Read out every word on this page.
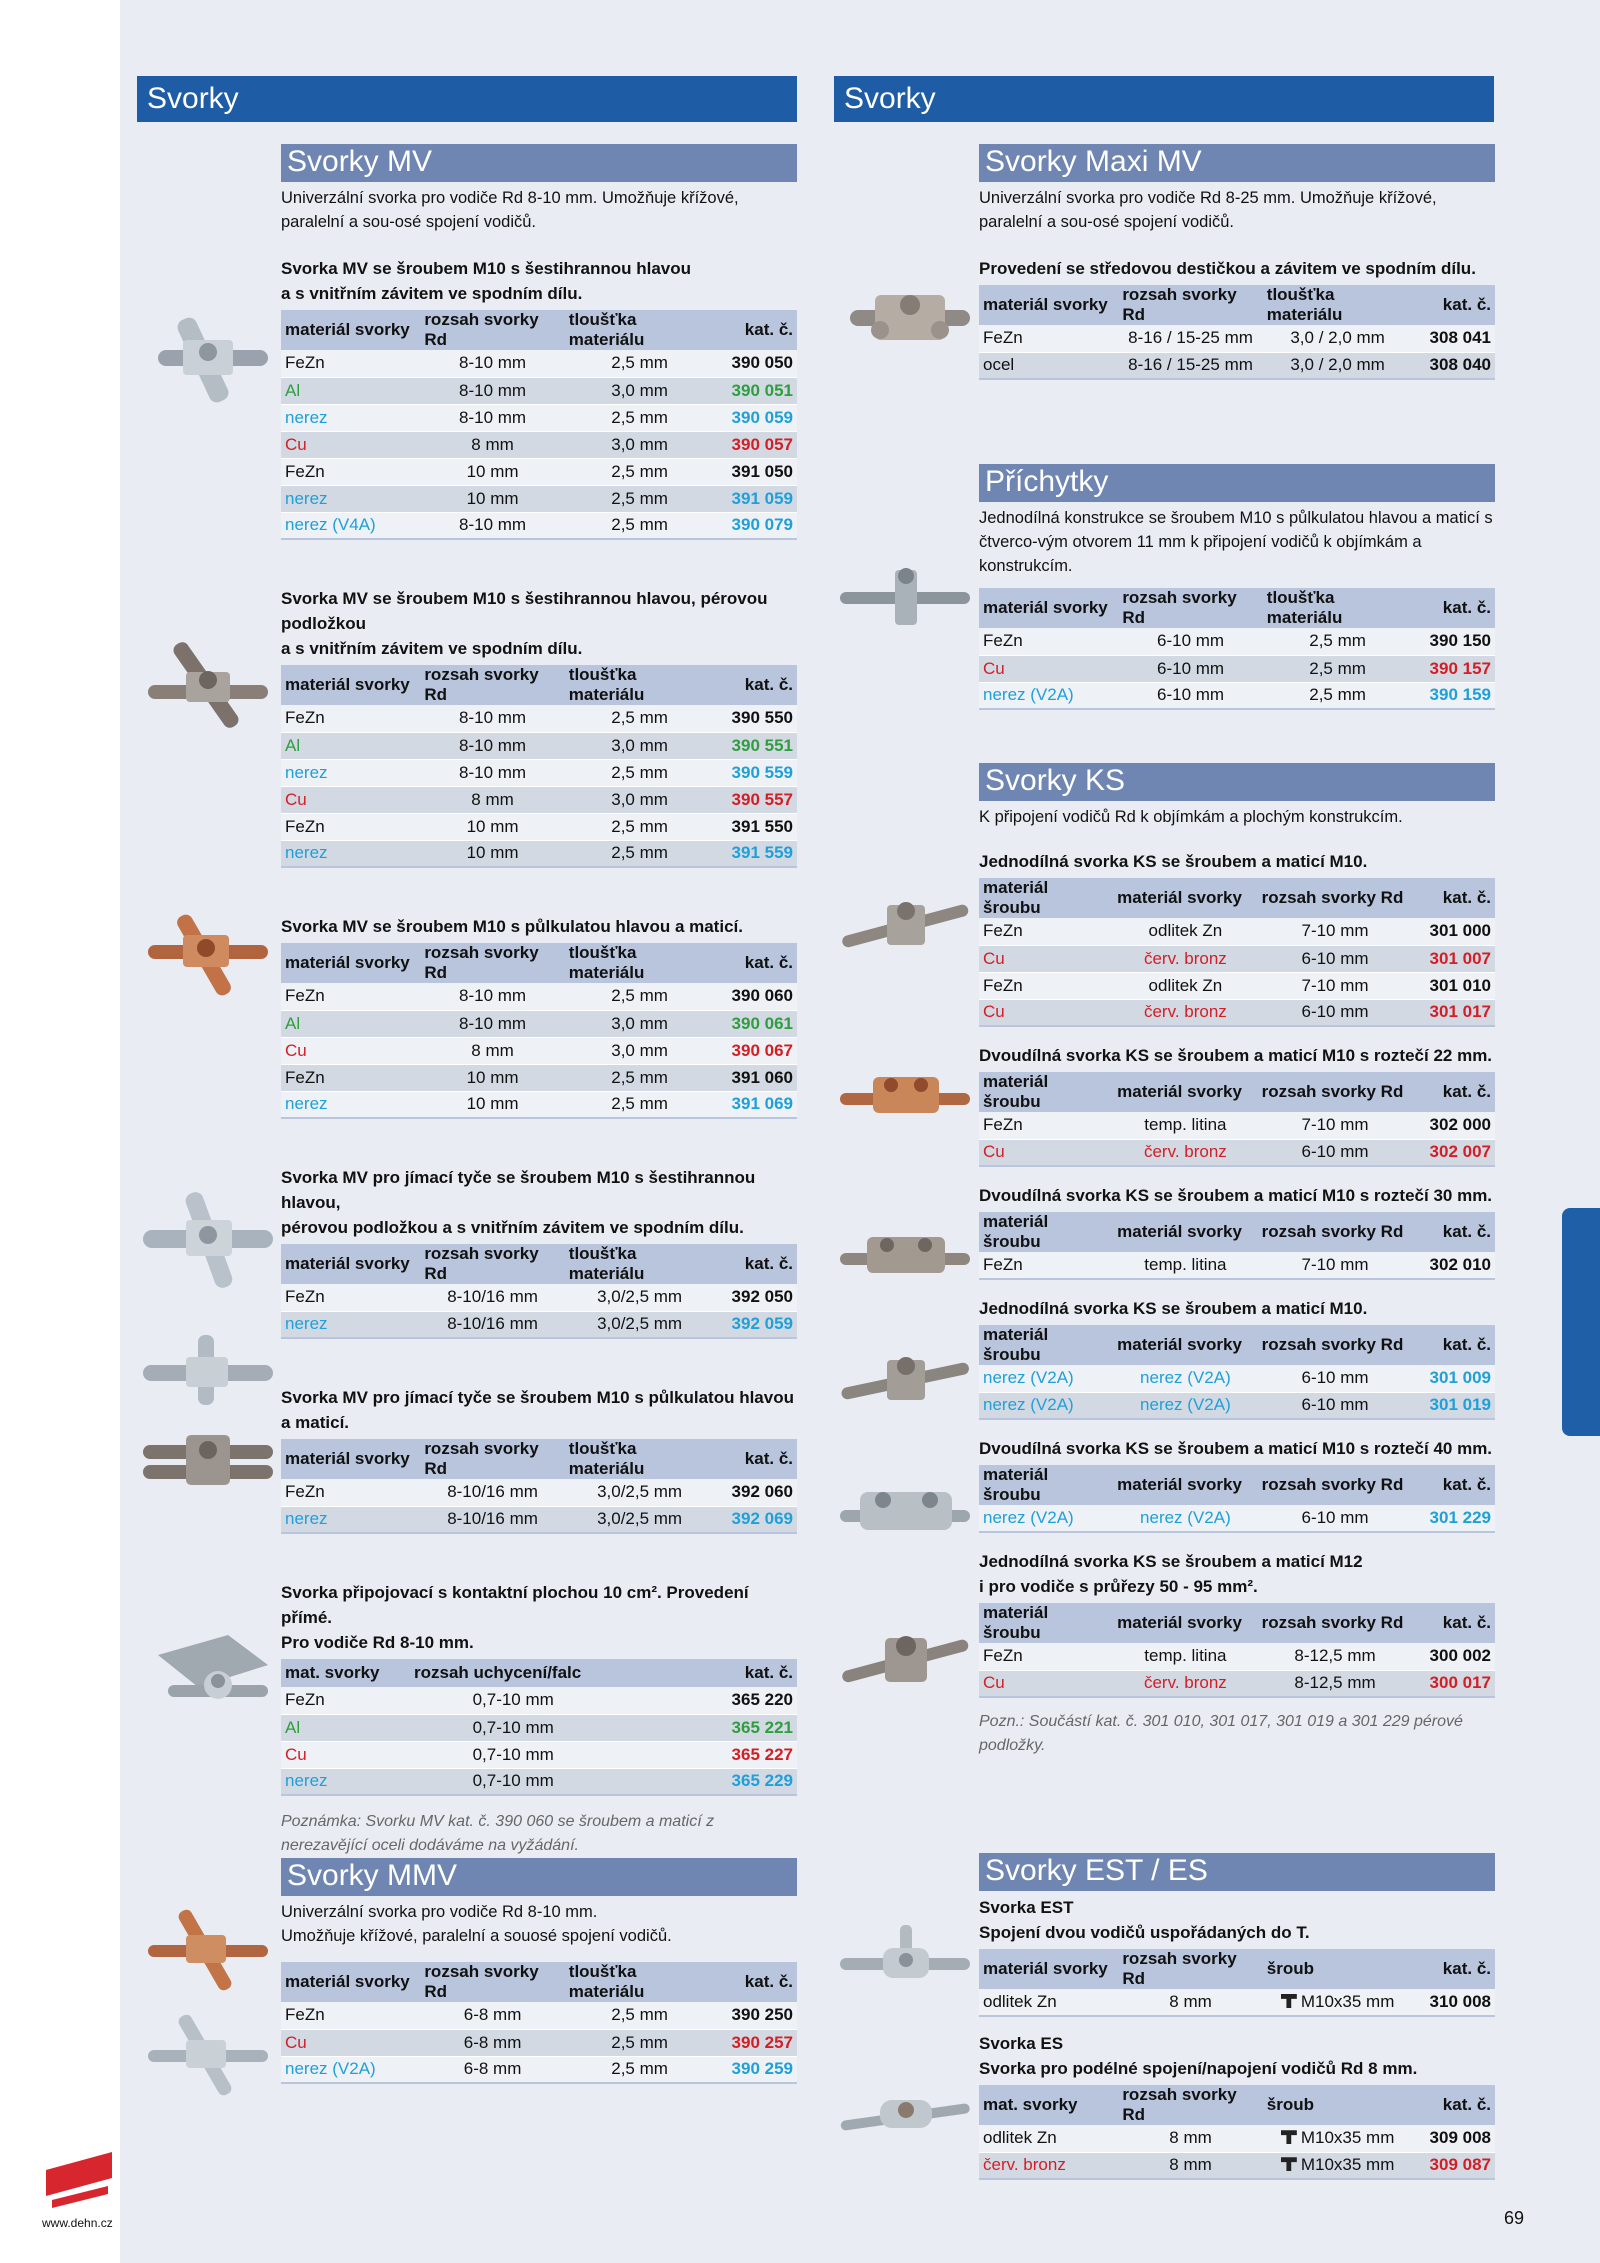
Svorky	Svorky
Svorky MV
Univerzální svorka pro vodiče Rd 8-10 mm. Umožňuje křížové, paralelní a sou-osé spojení vodičů.
Svorka MV se šroubem M10 s šestihrannou hlavou
a s vnitřním závitem ve spodním dílu.
materiál svorky	rozsah svorky Rd	tloušťka materiálu	kat. č.
FeZn	8-10 mm	2,5 mm	390 050
Al	8-10 mm	3,0 mm	390 051
nerez	8-10 mm	2,5 mm	390 059
Cu	8 mm	3,0 mm	390 057
FeZn	10 mm	2,5 mm	391 050
nerez	10 mm	2,5 mm	391 059
nerez (V4A)	8-10 mm	2,5 mm	390 079
Svorka MV se šroubem M10 s šestihrannou hlavou, pérovou podložkou
a s vnitřním závitem ve spodním dílu.
materiál svorky	rozsah svorky Rd	tloušťka materiálu	kat. č.
FeZn	8-10 mm	2,5 mm	390 550
Al	8-10 mm	3,0 mm	390 551
nerez	8-10 mm	2,5 mm	390 559
Cu	8 mm	3,0 mm	390 557
FeZn	10 mm	2,5 mm	391 550
nerez	10 mm	2,5 mm	391 559
Svorka MV se šroubem M10 s půlkulatou hlavou a maticí.
materiál svorky	rozsah svorky Rd	tloušťka materiálu	kat. č.
FeZn	8-10 mm	2,5 mm	390 060
Al	8-10 mm	3,0 mm	390 061
Cu	8 mm	3,0 mm	390 067
FeZn	10 mm	2,5 mm	391 060
nerez	10 mm	2,5 mm	391 069
Svorka MV pro jímací tyče se šroubem M10 s šestihrannou hlavou,
pérovou podložkou a s vnitřním závitem ve spodním dílu.
materiál svorky	rozsah svorky Rd	tloušťka materiálu	kat. č.
FeZn	8-10/16 mm	3,0/2,5 mm	392 050
nerez	8-10/16 mm	3,0/2,5 mm	392 059
Svorka MV pro jímací tyče se šroubem M10 s půlkulatou hlavou a maticí.
materiál svorky	rozsah svorky Rd	tloušťka materiálu	kat. č.
FeZn	8-10/16 mm	3,0/2,5 mm	392 060
nerez	8-10/16 mm	3,0/2,5 mm	392 069
Svorka připojovací s kontaktní plochou 10 cm². Provedení přímé.
Pro vodiče Rd 8-10 mm.
mat. svorky	rozsah uchycení/falc		kat. č.
FeZn	0,7-10 mm		365 220
Al	0,7-10 mm		365 221
Cu	0,7-10 mm		365 227
nerez	0,7-10 mm		365 229
Poznámka: Svorku MV kat. č. 390 060 se šroubem a maticí z nerezavějící oceli dodáváme na vyžádání.
Svorky MMV
Univerzální svorka pro vodiče Rd 8-10 mm.
Umožňuje křížové, paralelní a souosé spojení vodičů.
materiál svorky	rozsah svorky Rd	tloušťka materiálu	kat. č.
FeZn	6-8 mm	2,5 mm	390 250
Cu	6-8 mm	2,5 mm	390 257
nerez (V2A)	6-8 mm	2,5 mm	390 259
Svorky Maxi MV
Univerzální svorka pro vodiče Rd 8-25 mm. Umožňuje křížové, paralelní a sou-osé spojení vodičů.
Provedení se středovou destičkou a závitem ve spodním dílu.
materiál svorky	rozsah svorky Rd	tloušťka materiálu	kat. č.
FeZn	8-16 / 15-25 mm	3,0 / 2,0 mm	308 041
ocel	8-16 / 15-25 mm	3,0 / 2,0 mm	308 040
Příchytky
Jednodílná konstrukce se šroubem M10 s půlkulatou hlavou a maticí s čtverco-vým otvorem 11 mm k připojení vodičů k objímkám a konstrukcím.
materiál svorky	rozsah svorky Rd	tloušťka materiálu	kat. č.
FeZn	6-10 mm	2,5 mm	390 150
Cu	6-10 mm	2,5 mm	390 157
nerez (V2A)	6-10 mm	2,5 mm	390 159
Svorky KS
K připojení vodičů Rd k objímkám a plochým konstrukcím.
Jednodílná svorka KS se šroubem a maticí M10.
materiál šroubu	materiál svorky	rozsah svorky Rd	kat. č.
FeZn	odlitek Zn	7-10 mm	301 000
Cu	červ. bronz	6-10 mm	301 007
FeZn	odlitek Zn	7-10 mm	301 010
Cu	červ. bronz	6-10 mm	301 017
Dvoudílná svorka KS se šroubem a maticí M10 s roztečí 22 mm.
materiál šroubu	materiál svorky	rozsah svorky Rd	kat. č.
FeZn	temp. litina	7-10 mm	302 000
Cu	červ. bronz	6-10 mm	302 007
Dvoudílná svorka KS se šroubem a maticí M10 s roztečí 30 mm.
materiál šroubu	materiál svorky	rozsah svorky Rd	kat. č.
FeZn	temp. litina	7-10 mm	302 010
Jednodílná svorka KS se šroubem a maticí M10.
materiál šroubu	materiál svorky	rozsah svorky Rd	kat. č.
nerez (V2A)	nerez (V2A)	6-10 mm	301 009
nerez (V2A)	nerez (V2A)	6-10 mm	301 019
Dvoudílná svorka KS se šroubem a maticí M10 s roztečí 40 mm.
materiál šroubu	materiál svorky	rozsah svorky Rd	kat. č.
nerez (V2A)	nerez (V2A)	6-10 mm	301 229
Jednodílná svorka KS se šroubem a maticí M12
i pro vodiče s průřezy 50 - 95 mm².
materiál šroubu	materiál svorky	rozsah svorky Rd	kat. č.
FeZn	temp. litina	8-12,5 mm	300 002
Cu	červ. bronz	8-12,5 mm	300 017
Pozn.: Součástí kat. č. 301 010, 301 017, 301 019 a 301 229 pérové podložky.
Svorky EST / ES
Svorka EST
Spojení dvou vodičů uspořádaných do T.
materiál svorky	rozsah svorky Rd	šroub	kat. č.
odlitek Zn	8 mm	M10x35 mm	310 008
Svorka ES
Svorka pro podélné spojení/napojení vodičů Rd 8 mm.
mat. svorky	rozsah svorky Rd	šroub	kat. č.
odlitek Zn	8 mm	M10x35 mm	309 008
červ. bronz	8 mm	M10x35 mm	309 087
www.dehn.cz	69
